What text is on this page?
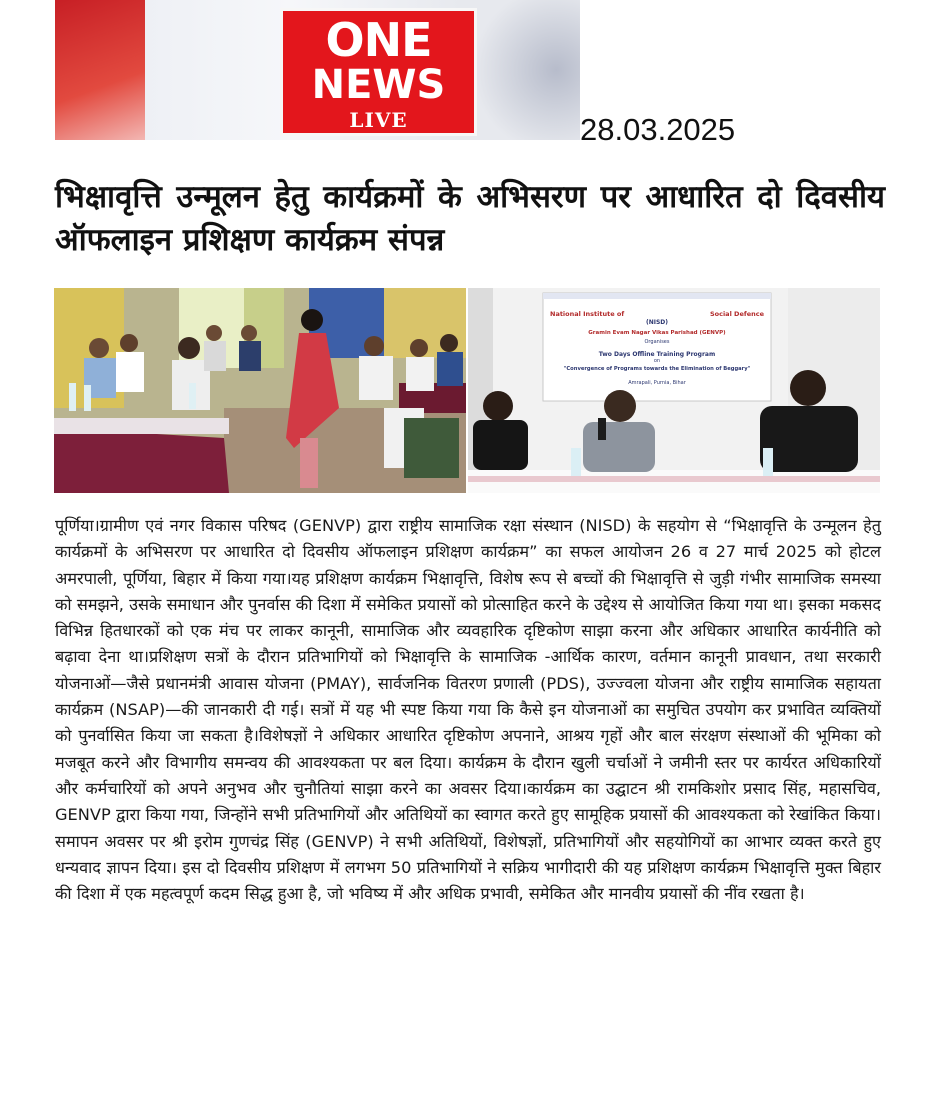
ONE
NEWS
LIVE	28.03.2025
भिक्षावृत्ति उन्मूलन हेतु कार्यक्रमों के अभिसरण पर आधारित दो दिवसीय ऑफलाइन प्रशिक्षण कार्यक्रम संपन्न
National Institute of	Social Defence
(NISD)
Gramin Evam Nagar Vikas Parishad (GENVP)
Organises
Two Days Offline Training Program
on
"Convergence of Programs towards the Elimination of Beggary"
Amrapali, Purnia, Bihar

पूर्णिया।ग्रामीण एवं नगर विकास परिषद (GENVP) द्वारा राष्ट्रीय सामाजिक रक्षा संस्थान (NISD) के सहयोग से “भिक्षावृत्ति के उन्मूलन हेतु कार्यक्रमों के अभिसरण पर आधारित दो दिवसीय ऑफलाइन प्रशिक्षण कार्यक्रम” का सफल आयोजन 26 व 27 मार्च 2025 को होटल अमरपाली, पूर्णिया, बिहार में किया गया।यह प्रशिक्षण कार्यक्रम भिक्षावृत्ति, विशेष रूप से बच्चों की भिक्षावृत्ति से जुड़ी गंभीर सामाजिक समस्या को समझने, उसके समाधान और पुनर्वास की दिशा में समेकित प्रयासों को प्रोत्साहित करने के उद्देश्य से आयोजित किया गया था। इसका मकसद विभिन्न हितधारकों को एक मंच पर लाकर कानूनी, सामाजिक और व्यवहारिक दृष्टिकोण साझा करना और अधिकार आधारित कार्यनीति को बढ़ावा देना था।प्रशिक्षण सत्रों के दौरान प्रतिभागियों को भिक्षावृत्ति के सामाजिक -आर्थिक कारण, वर्तमान कानूनी प्रावधान, तथा सरकारी योजनाओं—जैसे प्रधानमंत्री आवास योजना (PMAY), सार्वजनिक वितरण प्रणाली (PDS), उज्ज्वला योजना और राष्ट्रीय सामाजिक सहायता कार्यक्रम (NSAP)—की जानकारी दी गई। सत्रों में यह भी स्पष्ट किया गया कि कैसे इन योजनाओं का समुचित उपयोग कर प्रभावित व्यक्तियों को पुनर्वासित किया जा सकता है।विशेषज्ञों ने अधिकार आधारित दृष्टिकोण अपनाने, आश्रय गृहों और बाल संरक्षण संस्थाओं की भूमिका को मजबूत करने और विभागीय समन्वय की आवश्यकता पर बल दिया। कार्यक्रम के दौरान खुली चर्चाओं ने जमीनी स्तर पर कार्यरत अधिकारियों और कर्मचारियों को अपने अनुभव और चुनौतियां साझा करने का अवसर दिया।कार्यक्रम का उद्घाटन श्री रामकिशोर प्रसाद सिंह, महासचिव, GENVP द्वारा किया गया, जिन्होंने सभी प्रतिभागियों और अतिथियों का स्वागत करते हुए सामूहिक प्रयासों की आवश्यकता को रेखांकित किया। समापन अवसर पर श्री इरोम गुणचंद्र सिंह (GENVP) ने सभी अतिथियों, विशेषज्ञों, प्रतिभागियों और सहयोगियों का आभार व्यक्त करते हुए धन्यवाद ज्ञापन दिया। इस दो दिवसीय प्रशिक्षण में लगभग 50 प्रतिभागियों ने सक्रिय भागीदारी की यह प्रशिक्षण कार्यक्रम भिक्षावृत्ति मुक्त बिहार की दिशा में एक महत्वपूर्ण कदम सिद्ध हुआ है, जो भविष्य में और अधिक प्रभावी, समेकित और मानवीय प्रयासों की नींव रखता है।
